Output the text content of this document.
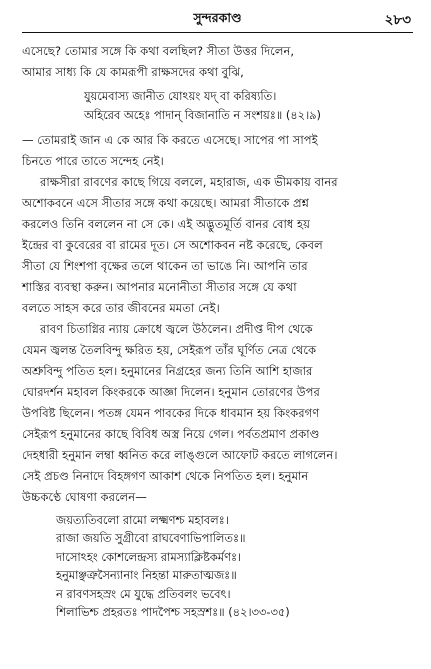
সুন্দরকাণ্ড	২৮৩

এসেছে? তোমার সঙ্গে কি কথা বলছিল? সীতা উত্তর দিলেন,
আমার সাধ্য কি যে কামরূপী রাক্ষসদের কথা বুঝি,

যুয়মেবাস্য জানীত যোঽয়ং যদ্ বা করিষ্যতি।
অহিরেব অহেঃ পাদান্ বিজানাতি ন সংশয়ঃ॥ (৪২।৯)

— তোমরাই জান এ কে আর কি করতে এসেছে। সাপের পা সাপই
চিনতে পারে তাতে সন্দেহ নেই।

রাক্ষসীরা রাবণের কাছে গিয়ে বললে, মহারাজ, এক ভীমকায় বানর
অশোকবনে এসে সীতার সঙ্গে কথা কয়েছে। আমরা সীতাকে প্রশ্ন
করলেও তিনি বললেন না সে কে। এই অদ্ভুতমূর্তি বানর বোধ হয়
ইন্দ্রের বা কুবেরের বা রামের দূত। সে অশোকবন নষ্ট করেছে, কেবল
সীতা যে শিংশপা বৃক্ষের তলে থাকেন তা ভাঙে নি। আপনি তার
শাস্তির ব্যবস্থা করুন। আপনার মনোনীতা সীতার সঙ্গে যে কথা
বলতে সাহস করে তার জীবনের মমতা নেই।

রাবণ চিতাগ্নির ন্যায় ক্রোধে জ্বলে উঠলেন। প্রদীপ্ত দীপ থেকে
যেমন জ্বলন্ত তৈলবিন্দু ক্ষরিত হয়, সেইরূপ তাঁর ঘূর্ণিত নেত্র থেকে
অশ্রুবিন্দু পতিত হল। হনুমানের নিগ্রহের জন্য তিনি আশি হাজার
ঘোরদর্শন মহাবল কিংকরকে আজ্ঞা দিলেন। হনুমান তোরণের উপর
উপবিষ্ট ছিলেন। পতঙ্গ যেমন পাবকের দিকে ধাবমান হয় কিংকরগণ
সেইরূপ হনুমানের কাছে বিবিধ অস্ত্র নিয়ে গেল। পর্বতপ্রমাণ প্রকাণ্ড
দেহধারী হনুমান লম্বা ধ্বনিত করে লাঙ্গুলে আফোট করতে লাগলেন।
সেই প্রচণ্ড নিনাদে বিহঙ্গগণ আকাশ থেকে নিপতিত হল। হনুমান
উচ্চকণ্ঠে ঘোষণা করলেন—

জয়ত্যতিবলো রামো লক্ষ্মণশ্চ মহাবলঃ।
রাজা জয়তি সুগ্রীবো রাঘবেণাভিপালিতঃ॥
দাসোঽহং কোশলেন্দ্রস্য রামস্যাক্লিষ্টকর্মণঃ।
হনুমাঞ্ছত্রুসৈন্যানাং নিহন্তা মারুতাত্মজঃ॥
ন রাবণসহস্রং মে যুদ্ধে প্রতিবলং ভবেৎ।
শিলাভিশ্চ প্রহরতঃ পাদপৈশ্চ সহস্রশঃ॥ (৪২।৩৩-৩৫)
